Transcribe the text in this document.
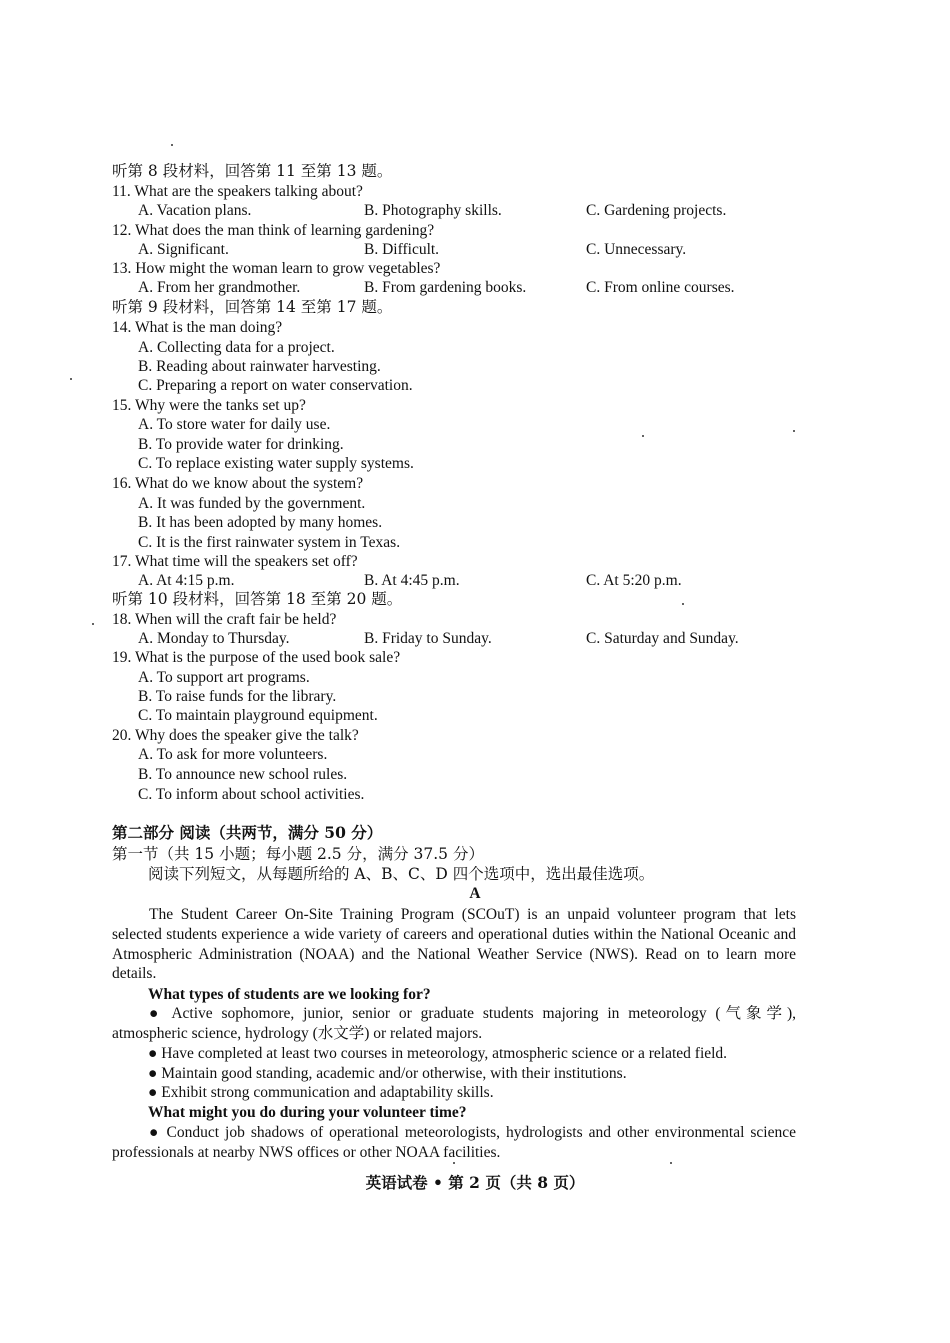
听第 8 段材料，回答第 11 至第 13 题。
11. What are the speakers talking about?
A. Vacation plans.	B. Photography skills.	C. Gardening projects.
12. What does the man think of learning gardening?
A. Significant.	B. Difficult.	C. Unnecessary.
13. How might the woman learn to grow vegetables?
A. From her grandmother.	B. From gardening books.	C. From online courses.
听第 9 段材料，回答第 14 至第 17 题。
14. What is the man doing?
A. Collecting data for a project.
B. Reading about rainwater harvesting.
C. Preparing a report on water conservation.
15. Why were the tanks set up?
A. To store water for daily use.
B. To provide water for drinking.
C. To replace existing water supply systems.
16. What do we know about the system?
A. It was funded by the government.
B. It has been adopted by many homes.
C. It is the first rainwater system in Texas.
17. What time will the speakers set off?
A. At 4:15 p.m.	B. At 4:45 p.m.	C. At 5:20 p.m.
听第 10 段材料，回答第 18 至第 20 题。
18. When will the craft fair be held?
A. Monday to Thursday.	B. Friday to Sunday.	C. Saturday and Sunday.
19. What is the purpose of the used book sale?
A. To support art programs.
B. To raise funds for the library.
C. To maintain playground equipment.
20. Why does the speaker give the talk?
A. To ask for more volunteers.
B. To announce new school rules.
C. To inform about school activities.
第二部分 阅读（共两节，满分 50 分）
第一节（共 15 小题；每小题 2.5 分，满分 37.5 分）
阅读下列短文，从每题所给的 A、B、C、D 四个选项中，选出最佳选项。
A
The Student Career On-Site Training Program (SCOuT) is an unpaid volunteer program that lets selected students experience a wide variety of careers and operational duties within the National Oceanic and Atmospheric Administration (NOAA) and the National Weather Service (NWS). Read on to learn more details.
What types of students are we looking for?
● Active sophomore, junior, senior or graduate students majoring in meteorology (气象学), atmospheric science, hydrology (水文学) or related majors.
● Have completed at least two courses in meteorology, atmospheric science or a related field.
● Maintain good standing, academic and/or otherwise, with their institutions.
● Exhibit strong communication and adaptability skills.
What might you do during your volunteer time?
● Conduct job shadows of operational meteorologists, hydrologists and other environmental science professionals at nearby NWS offices or other NOAA facilities.
英语试卷 • 第 2 页（共 8 页）
